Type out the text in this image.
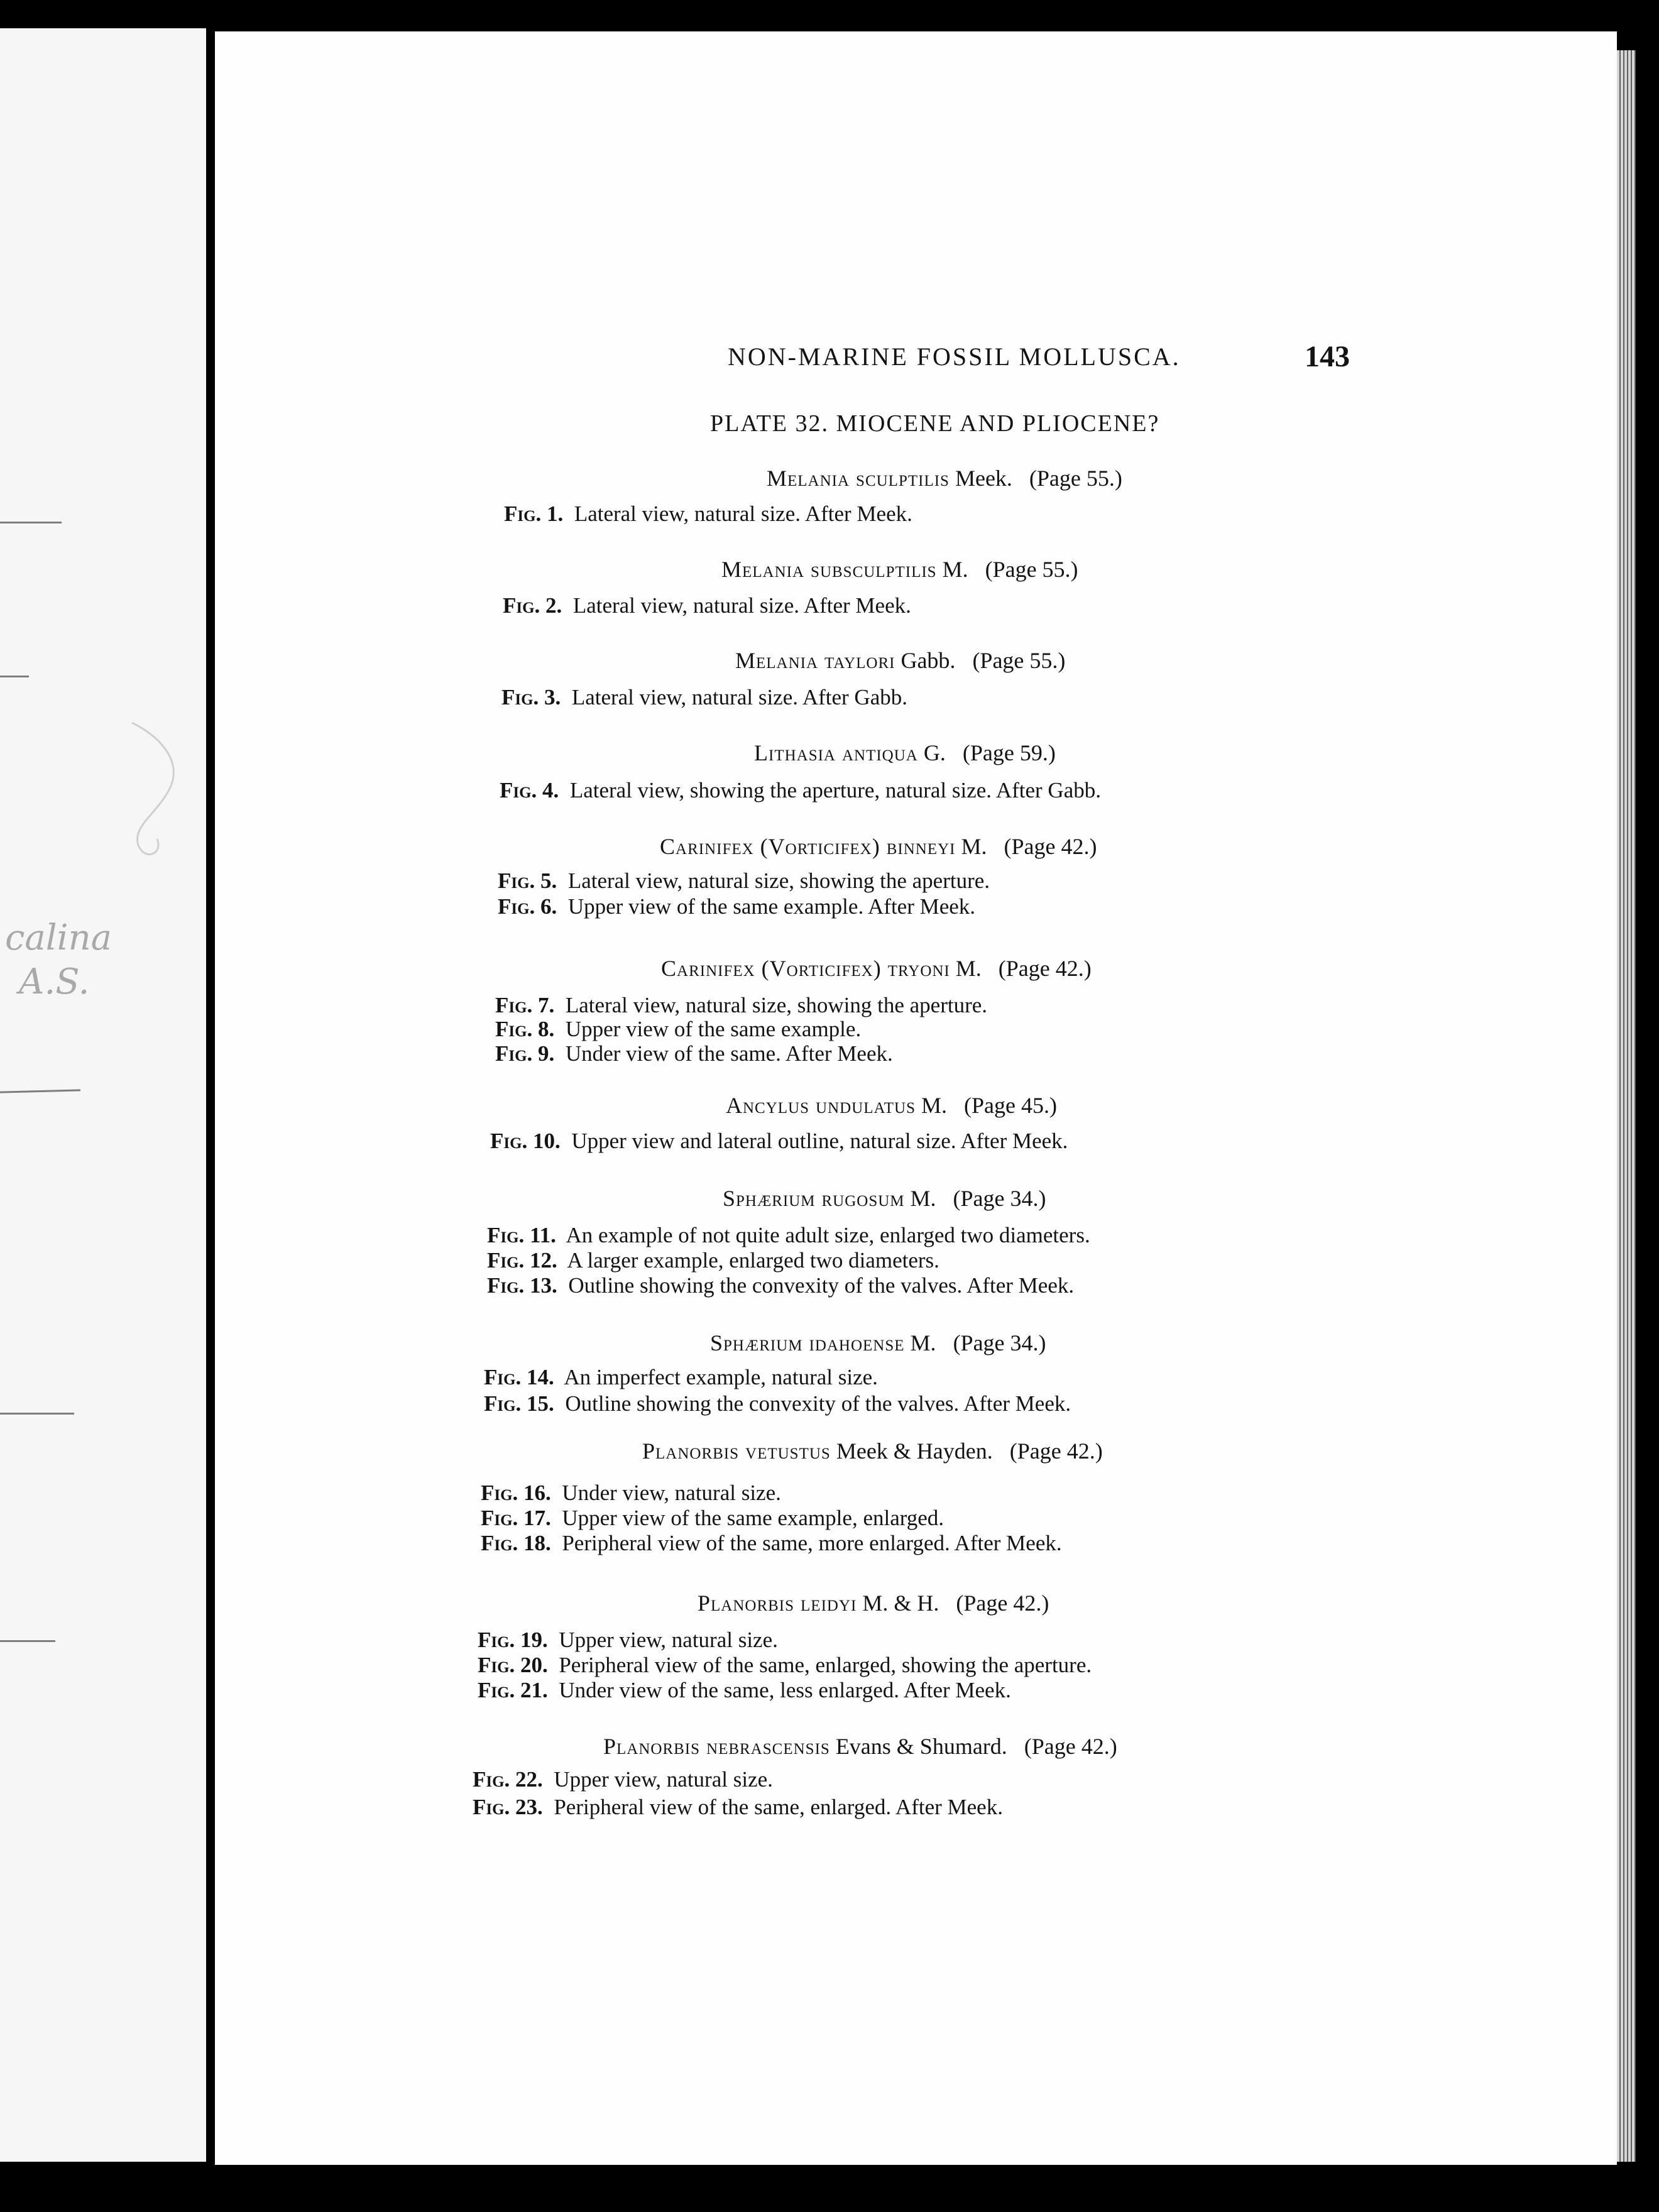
calina
A.S.
NON-MARINE FOSSIL MOLLUSCA.	143
PLATE 32. MIOCENE AND PLIOCENE?
Melania sculptilis Meek. (Page 55.)
Fig. 1. Lateral view, natural size. After Meek.
Melania subsculptilis M. (Page 55.)
Fig. 2. Lateral view, natural size. After Meek.
Melania taylori Gabb. (Page 55.)
Fig. 3. Lateral view, natural size. After Gabb.
Lithasia antiqua G. (Page 59.)
Fig. 4. Lateral view, showing the aperture, natural size. After Gabb.
Carinifex (Vorticifex) binneyi M. (Page 42.)
Fig. 5. Lateral view, natural size, showing the aperture.
Fig. 6. Upper view of the same example. After Meek.
Carinifex (Vorticifex) tryoni M. (Page 42.)
Fig. 7. Lateral view, natural size, showing the aperture.
Fig. 8. Upper view of the same example.
Fig. 9. Under view of the same. After Meek.
Ancylus undulatus M. (Page 45.)
Fig. 10. Upper view and lateral outline, natural size. After Meek.
Sphærium rugosum M. (Page 34.)
Fig. 11. An example of not quite adult size, enlarged two diameters.
Fig. 12. A larger example, enlarged two diameters.
Fig. 13. Outline showing the convexity of the valves. After Meek.
Sphærium idahoense M. (Page 34.)
Fig. 14. An imperfect example, natural size.
Fig. 15. Outline showing the convexity of the valves. After Meek.
Planorbis vetustus Meek & Hayden. (Page 42.)
Fig. 16. Under view, natural size.
Fig. 17. Upper view of the same example, enlarged.
Fig. 18. Peripheral view of the same, more enlarged. After Meek.
Planorbis leidyi M. & H. (Page 42.)
Fig. 19. Upper view, natural size.
Fig. 20. Peripheral view of the same, enlarged, showing the aperture.
Fig. 21. Under view of the same, less enlarged. After Meek.
Planorbis nebrascensis Evans & Shumard. (Page 42.)
Fig. 22. Upper view, natural size.
Fig. 23. Peripheral view of the same, enlarged. After Meek.
